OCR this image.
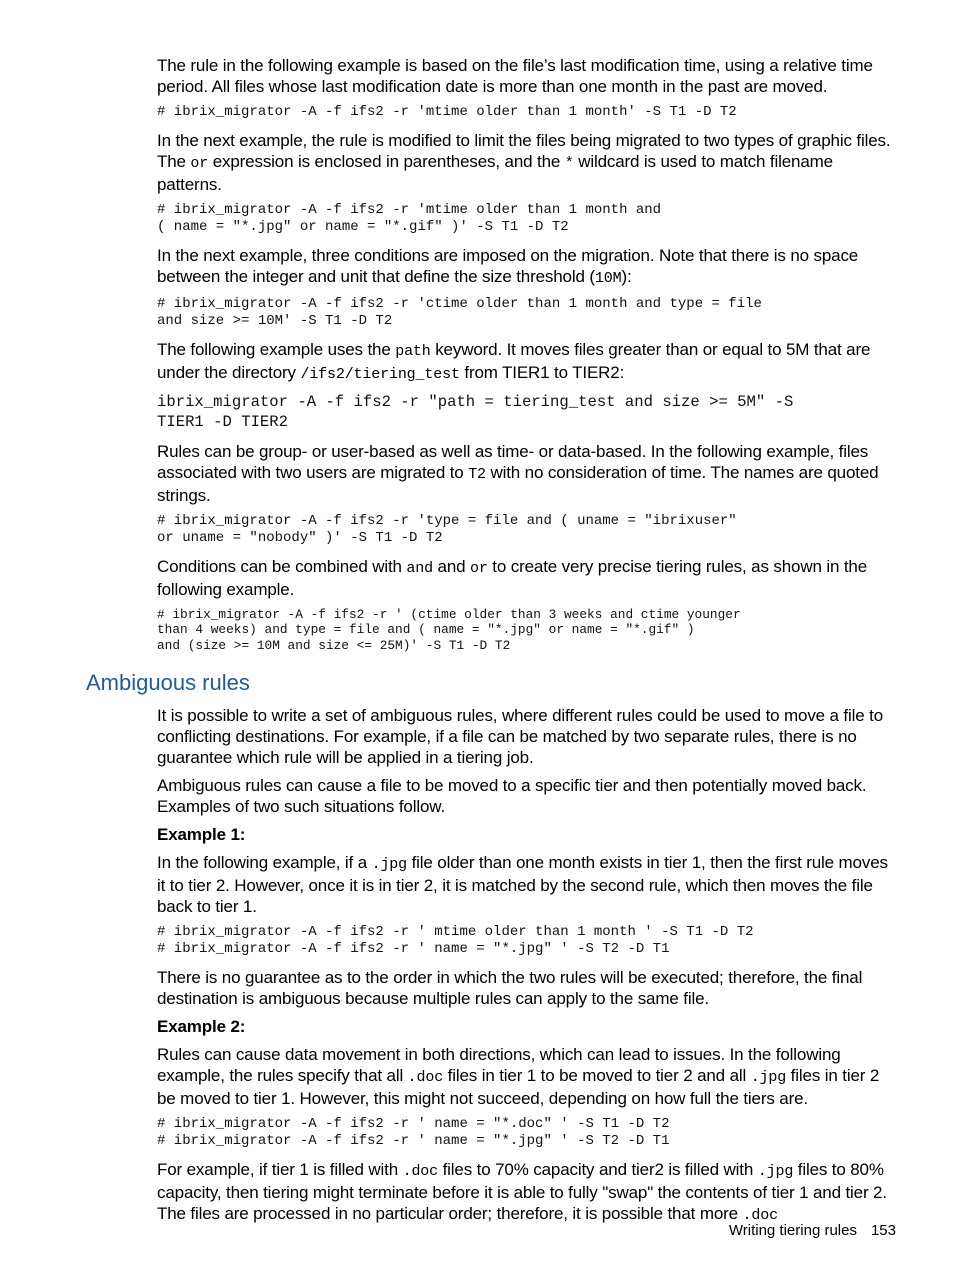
The rule in the following example is based on the file’s last modification time, using a relative time period. All files whose last modification date is more than one month in the past are moved.

# ibrix_migrator -A -f ifs2 -r 'mtime older than 1 month' -S T1 -D T2

In the next example, the rule is modified to limit the files being migrated to two types of graphic files. The or expression is enclosed in parentheses, and the * wildcard is used to match filename patterns.

# ibrix_migrator -A -f ifs2 -r 'mtime older than 1 month and
( name = "*.jpg" or name = "*.gif" )' -S T1 -D T2

In the next example, three conditions are imposed on the migration. Note that there is no space between the integer and unit that define the size threshold (10M):

# ibrix_migrator -A -f ifs2 -r 'ctime older than 1 month and type = file
and size >= 10M' -S T1 -D T2

The following example uses the path keyword. It moves files greater than or equal to 5M that are under the directory /ifs2/tiering_test from TIER1 to TIER2:

ibrix_migrator -A -f ifs2 -r "path = tiering_test and size >= 5M" -S
TIER1 -D TIER2

Rules can be group- or user-based as well as time- or data-based. In the following example, files associated with two users are migrated to T2 with no consideration of time. The names are quoted strings.

# ibrix_migrator -A -f ifs2 -r 'type = file and ( uname = "ibrixuser"
or uname = "nobody" )' -S T1 -D T2

Conditions can be combined with and and or to create very precise tiering rules, as shown in the following example.

# ibrix_migrator -A -f ifs2 -r ' (ctime older than 3 weeks and ctime younger
than 4 weeks) and type = file and ( name = "*.jpg" or name = "*.gif" )
and (size >= 10M and size <= 25M)' -S T1 -D T2
Ambiguous rules

It is possible to write a set of ambiguous rules, where different rules could be used to move a file to conflicting destinations. For example, if a file can be matched by two separate rules, there is no guarantee which rule will be applied in a tiering job.

Ambiguous rules can cause a file to be moved to a specific tier and then potentially moved back. Examples of two such situations follow.

Example 1:

In the following example, if a .jpg file older than one month exists in tier 1, then the first rule moves it to tier 2. However, once it is in tier 2, it is matched by the second rule, which then moves the file back to tier 1.

# ibrix_migrator -A -f ifs2 -r ' mtime older than 1 month ' -S T1 -D T2
# ibrix_migrator -A -f ifs2 -r ' name = "*.jpg" ' -S T2 -D T1

There is no guarantee as to the order in which the two rules will be executed; therefore, the final destination is ambiguous because multiple rules can apply to the same file.

Example 2:

Rules can cause data movement in both directions, which can lead to issues. In the following example, the rules specify that all .doc files in tier 1 to be moved to tier 2 and all .jpg files in tier 2 be moved to tier 1. However, this might not succeed, depending on how full the tiers are.

# ibrix_migrator -A -f ifs2 -r ' name = "*.doc" ' -S T1 -D T2
# ibrix_migrator -A -f ifs2 -r ' name = "*.jpg" ' -S T2 -D T1

For example, if tier 1 is filled with .doc files to 70% capacity and tier2 is filled with .jpg files to 80% capacity, then tiering might terminate before it is able to fully "swap" the contents of tier 1 and tier 2. The files are processed in no particular order; therefore, it is possible that more .doc

Writing tiering rules 153
